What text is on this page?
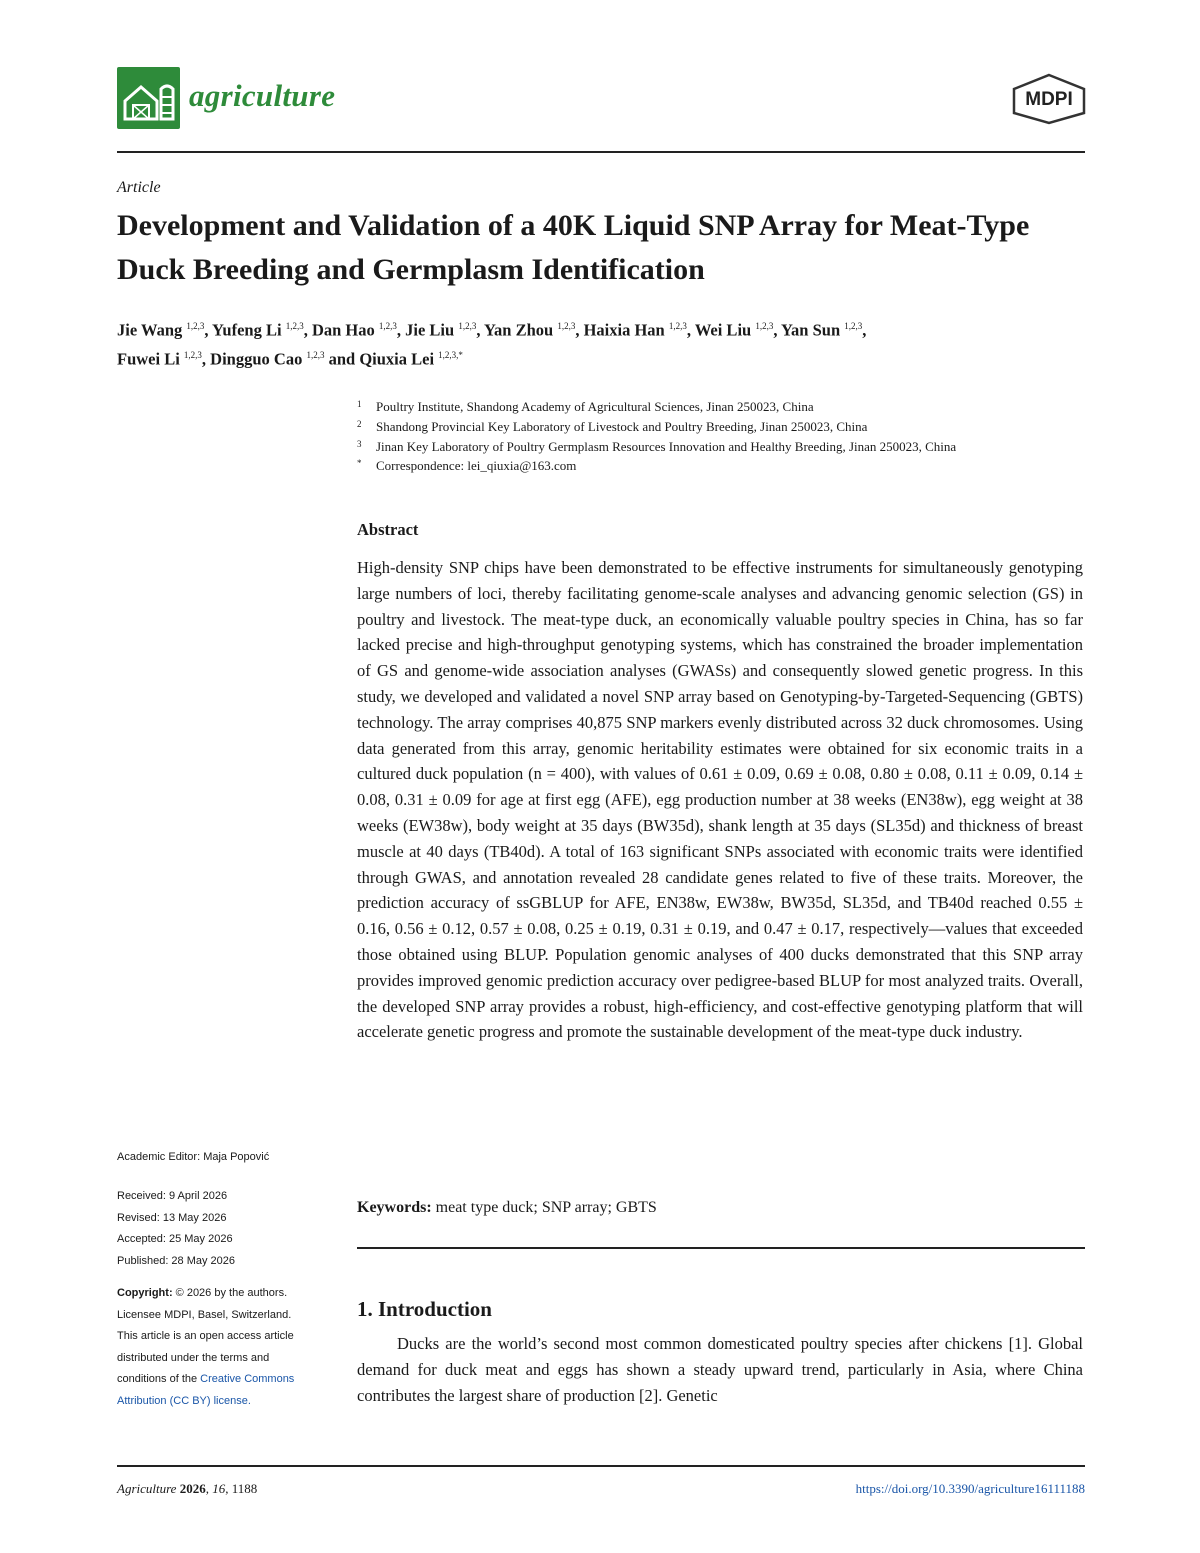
agriculture	MDPI
Article
Development and Validation of a 40K Liquid SNP Array for Meat-Type Duck Breeding and Germplasm Identification
Jie Wang $^{1,2,3}$, Yufeng Li $^{1,2,3}$, Dan Hao $^{1,2,3}$, Jie Liu $^{1,2,3}$, Yan Zhou $^{1,2,3}$, Haixia Han $^{1,2,3}$, Wei Liu $^{1,2,3}$, Yan Sun $^{1,2,3}$,
Fuwei Li $^{1,2,3}$, Dingguo Cao $^{1,2,3}$ and Qiuxia Lei $^{1,2,3,*}$
1 Poultry Institute, Shandong Academy of Agricultural Sciences, Jinan 250023, China
2 Shandong Provincial Key Laboratory of Livestock and Poultry Breeding, Jinan 250023, China
3 Jinan Key Laboratory of Poultry Germplasm Resources Innovation and Healthy Breeding, Jinan 250023, China
* Correspondence: lei_qiuxia@163.com
Abstract
High-density SNP chips have been demonstrated to be effective instruments for simultaneously genotyping large numbers of loci, thereby facilitating genome-scale analyses and advancing genomic selection (GS) in poultry and livestock. The meat-type duck, an economically valuable poultry species in China, has so far lacked precise and high-throughput genotyping systems, which has constrained the broader implementation of GS and genome-wide association analyses (GWASs) and consequently slowed genetic progress. In this study, we developed and validated a novel SNP array based on Genotyping-by-Targeted-Sequencing (GBTS) technology. The array comprises 40,875 SNP markers evenly distributed across 32 duck chromosomes. Using data generated from this array, genomic heritability estimates were obtained for six economic traits in a cultured duck population (n = 400), with values of 0.61 ± 0.09, 0.69 ± 0.08, 0.80 ± 0.08, 0.11 ± 0.09, 0.14 ± 0.08, 0.31 ± 0.09 for age at first egg (AFE), egg production number at 38 weeks (EN38w), egg weight at 38 weeks (EW38w), body weight at 35 days (BW35d), shank length at 35 days (SL35d) and thickness of breast muscle at 40 days (TB40d). A total of 163 significant SNPs associated with economic traits were identified through GWAS, and annotation revealed 28 candidate genes related to five of these traits. Moreover, the prediction accuracy of ssGBLUP for AFE, EN38w, EW38w, BW35d, SL35d, and TB40d reached 0.55 ± 0.16, 0.56 ± 0.12, 0.57 ± 0.08, 0.25 ± 0.19, 0.31 ± 0.19, and 0.47 ± 0.17, respectively—values that exceeded those obtained using BLUP. Population genomic analyses of 400 ducks demonstrated that this SNP array provides improved genomic prediction accuracy over pedigree-based BLUP for most analyzed traits. Overall, the developed SNP array provides a robust, high-efficiency, and cost-effective genotyping platform that will accelerate genetic progress and promote the sustainable development of the meat-type duck industry.
Keywords: meat type duck; SNP array; GBTS
1. Introduction
Ducks are the world’s second most common domesticated poultry species after chickens [1]. Global demand for duck meat and eggs has shown a steady upward trend, particularly in Asia, where China contributes the largest share of production [2]. Genetic
Academic Editor: Maja Popović
Received: 9 April 2026
Revised: 13 May 2026
Accepted: 25 May 2026
Published: 28 May 2026
Copyright: © 2026 by the authors.
Licensee MDPI, Basel, Switzerland.
This article is an open access article
distributed under the terms and
conditions of the Creative Commons
Attribution (CC BY) license.
Agriculture 2026, 16, 1188	https://doi.org/10.3390/agriculture16111188
